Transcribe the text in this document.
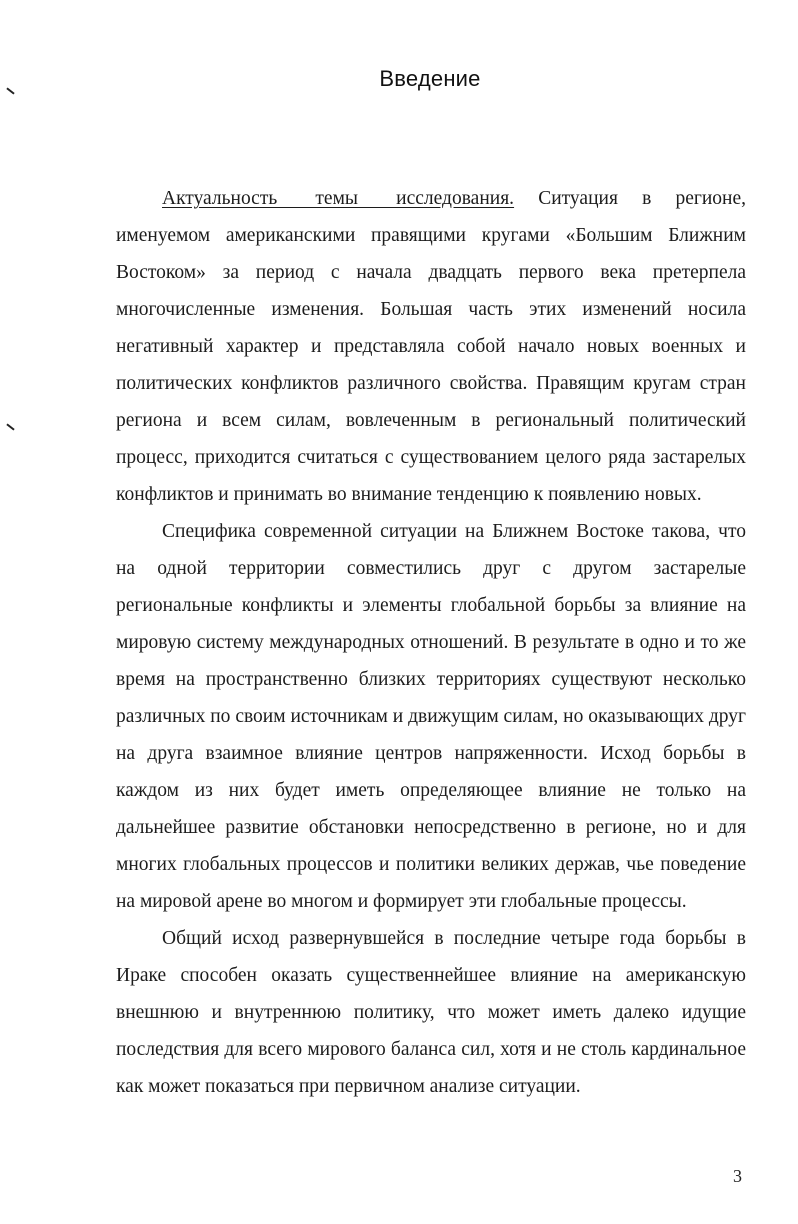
Введение

Актуальность темы исследования. Ситуация в регионе, именуемом американскими правящими кругами «Большим Ближним Востоком» за период с начала двадцать первого века претерпела многочисленные изменения. Большая часть этих изменений носила негативный характер и представляла собой начало новых военных и политических конфликтов различного свойства. Правящим кругам стран региона и всем силам, вовлеченным в региональный политический процесс, приходится считаться с существованием целого ряда застарелых конфликтов и принимать во внимание тенденцию к появлению новых.

Специфика современной ситуации на Ближнем Востоке такова, что на одной территории совместились друг с другом застарелые региональные конфликты и элементы глобальной борьбы за влияние на мировую систему международных отношений. В результате в одно и то же время на пространственно близких территориях существуют несколько различных по своим источникам и движущим силам, но оказывающих друг на друга взаимное влияние центров напряженности. Исход борьбы в каждом из них будет иметь определяющее влияние не только на дальнейшее развитие обстановки непосредственно в регионе, но и для многих глобальных процессов и политики великих держав, чье поведение на мировой арене во многом и формирует эти глобальные процессы.

Общий исход развернувшейся в последние четыре года борьбы в Ираке способен оказать существеннейшее влияние на американскую внешнюю и внутреннюю политику, что может иметь далеко идущие последствия для всего мирового баланса сил, хотя и не столь кардинальное как может показаться при первичном анализе ситуации.

3
